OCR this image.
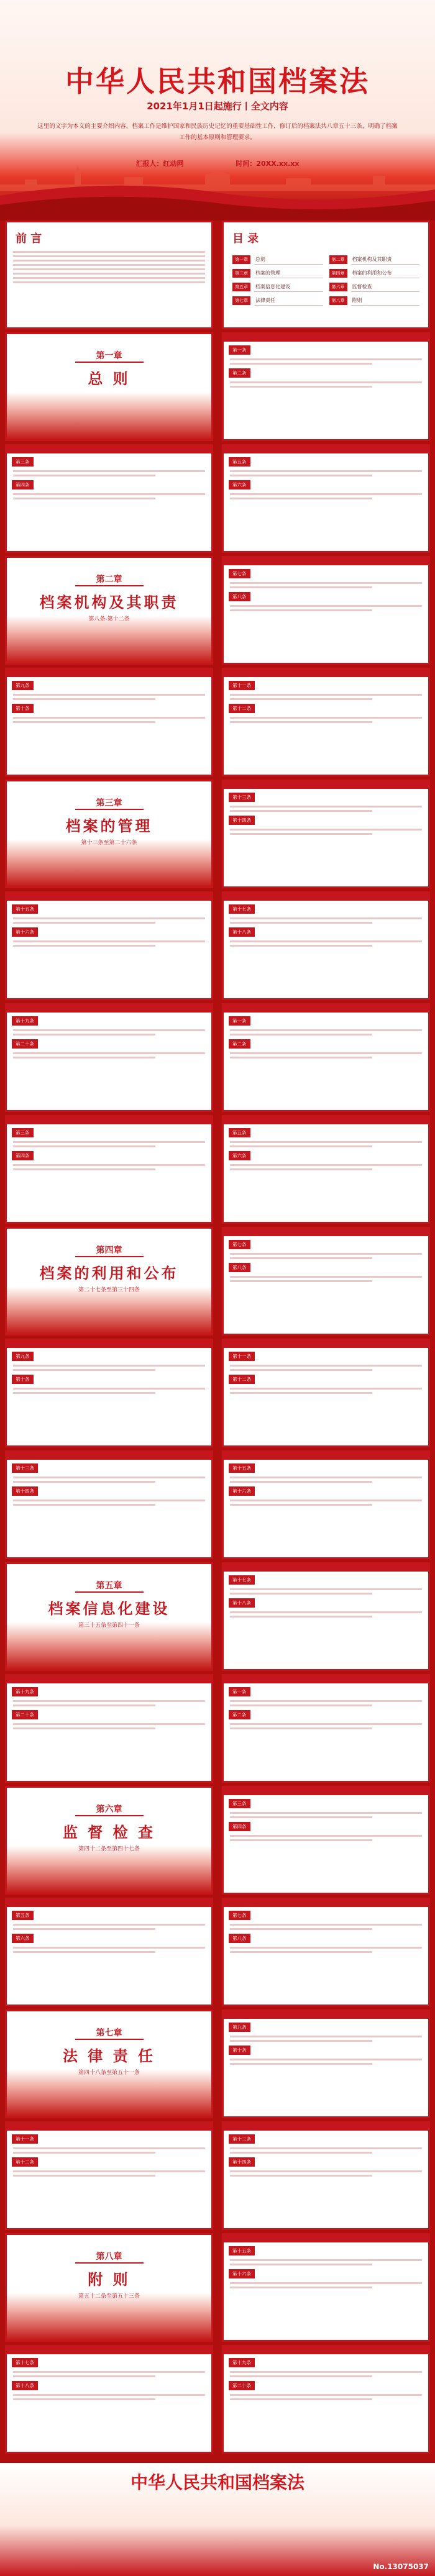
中华人民共和国档案法
2021年1月1日起施行丨全文内容
这里的文字为本文的主要介绍内容，档案工作是维护国家和民族历史记忆的重要基础性工作，修订后的档案法共八章五十三条，明确了档案工作的基本原则和管理要求。
汇报人：红动网	时间：20XX.xx.xx
前 言	目 录
第一章	总则	第二章	档案机构及其职责
第三章	档案的管理	第四章	档案的利用和公布
第五章	档案信息化建设	第六章	监督检查
第七章	法律责任	第八章	附则
第一章
总 则
第一条
第二条
第三条
第四条
第五条
第六条
第二章
档案机构及其职责
第八条-第十二条
第七条
第八条
第九条
第十条
第十一条
第十二条
第三章
档案的管理
第十三条至第二十六条
第十三条
第十四条
第十五条
第十六条
第十七条
第十八条
第十九条
第二十条
第一条
第二条
第三条
第四条
第五条
第六条
第四章
档案的利用和公布
第二十七条至第三十四条
第七条
第八条
第九条
第十条
第十一条
第十二条
第十三条
第十四条
第十五条
第十六条
第五章
档案信息化建设
第三十五条至第四十一条
第十七条
第十八条
第十九条
第二十条
第一条
第二条
第六章
监 督 检 查
第四十二条至第四十七条
第三条
第四条
第五条
第六条
第七条
第八条
第七章
法 律 责 任
第四十八条至第五十一条
第九条
第十条
第十一条
第十二条
第十三条
第十四条
第八章
附 则
第五十二条至第五十三条
第十五条
第十六条
第十七条
第十八条
第十九条
第二十条
中华人民共和国档案法
No.13075037
